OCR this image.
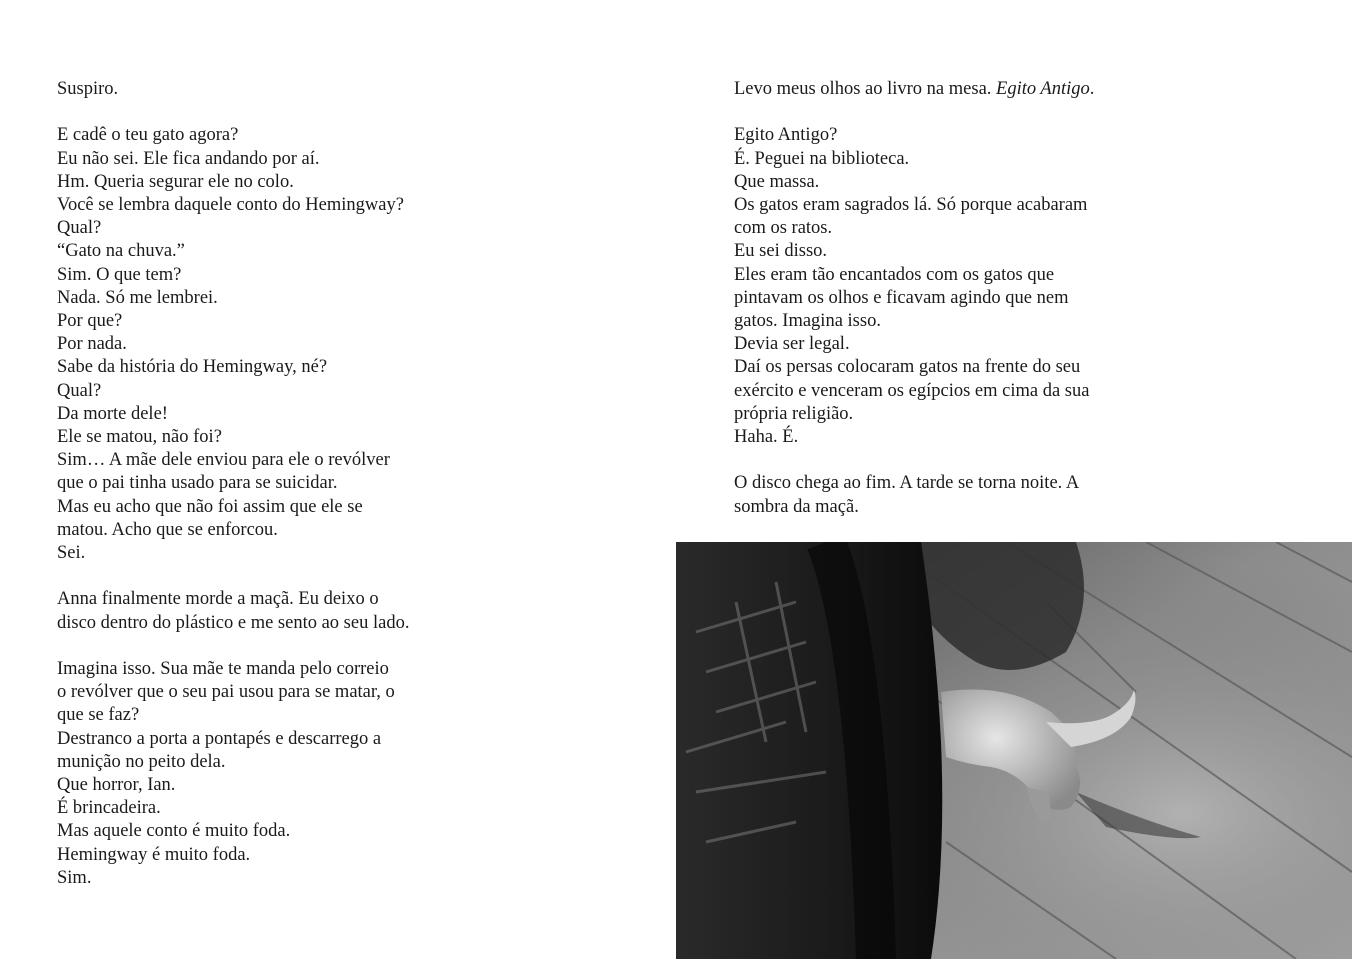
Suspiro.
E cadê o teu gato agora?
Eu não sei. Ele fica andando por aí.
Hm. Queria segurar ele no colo.
Você se lembra daquele conto do Hemingway?
Qual?
“Gato na chuva.”
Sim. O que tem?
Nada. Só me lembrei.
Por que?
Por nada.
Sabe da história do Hemingway, né?
Qual?
Da morte dele!
Ele se matou, não foi?
Sim… A mãe dele enviou para ele o revólver
que o pai tinha usado para se suicidar.
Mas eu acho que não foi assim que ele se
matou. Acho que se enforcou.
Sei.
Anna finalmente morde a maçã. Eu deixo o
disco dentro do plástico e me sento ao seu lado.
Imagina isso. Sua mãe te manda pelo correio
o revólver que o seu pai usou para se matar, o
que se faz?
Destranco a porta a pontapés e descarrego a
munição no peito dela.
Que horror, Ian.
É brincadeira.
Mas aquele conto é muito foda.
Hemingway é muito foda.
Sim.
Levo meus olhos ao livro na mesa. Egito Antigo.
Egito Antigo?
É. Peguei na biblioteca.
Que massa.
Os gatos eram sagrados lá. Só porque acabaram
com os ratos.
Eu sei disso.
Eles eram tão encantados com os gatos que
pintavam os olhos e ficavam agindo que nem
gatos. Imagina isso.
Devia ser legal.
Daí os persas colocaram gatos na frente do seu
exército e venceram os egípcios em cima da sua
própria religião.
Haha. É.
O disco chega ao fim. A tarde se torna noite. A
sombra da maçã.
